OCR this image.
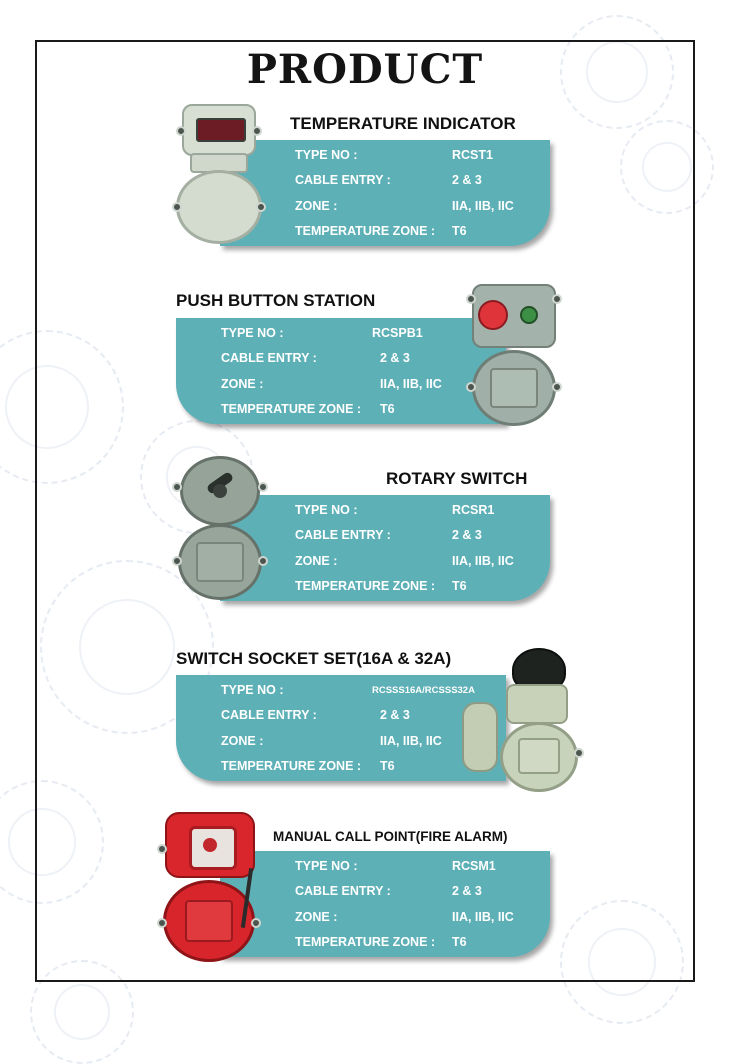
PRODUCT
TEMPERATURE INDICATOR
TYPE NO :	RCST1
CABLE ENTRY :	2 & 3
ZONE :	IIA, IIB, IIC
TEMPERATURE ZONE : T6
PUSH BUTTON STATION
TYPE NO :	RCSPB1
CABLE ENTRY :	2 & 3
ZONE :	IIA, IIB, IIC
TEMPERATURE ZONE : T6
ROTARY SWITCH
TYPE NO :	RCSR1
CABLE ENTRY :	2 & 3
ZONE :	IIA, IIB, IIC
TEMPERATURE ZONE : T6
SWITCH SOCKET SET(16A & 32A)
TYPE NO :	RCSSS16A/RCSSS32A
CABLE ENTRY :	2 & 3
ZONE :	IIA, IIB, IIC
TEMPERATURE ZONE : T6
MANUAL CALL POINT(FIRE ALARM)
TYPE NO :	RCSM1
CABLE ENTRY :	2 & 3
ZONE :	IIA, IIB, IIC
TEMPERATURE ZONE : T6
